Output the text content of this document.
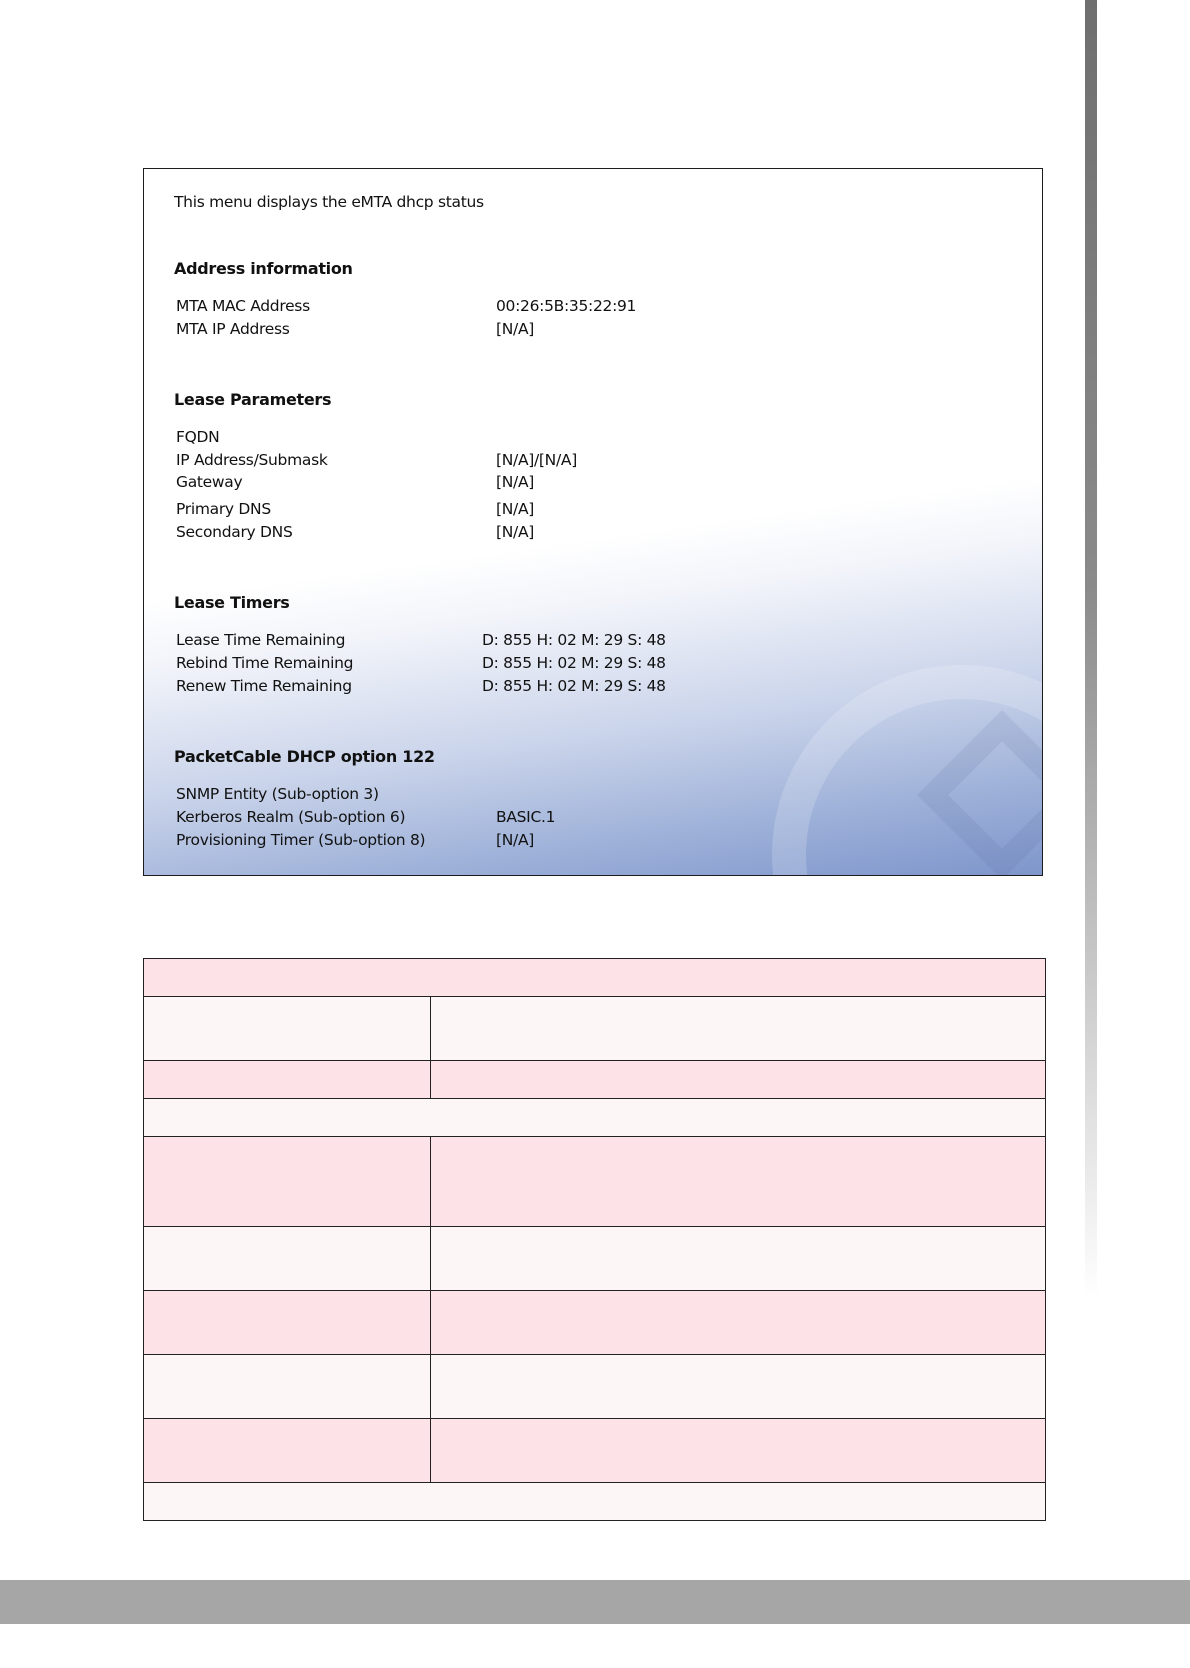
This menu displays the eMTA dhcp status
Address information
MTA MAC Address	00:26:5B:35:22:91
MTA IP Address	[N/A]
Lease Parameters
FQDN
IP Address/Submask	[N/A]/[N/A]
Gateway	[N/A]
Primary DNS	[N/A]
Secondary DNS	[N/A]
Lease Timers
Lease Time Remaining	D: 855 H: 02 M: 29 S: 48
Rebind Time Remaining	D: 855 H: 02 M: 29 S: 48
Renew Time Remaining	D: 855 H: 02 M: 29 S: 48
PacketCable DHCP option 122
SNMP Entity (Sub-option 3)
Kerberos Realm (Sub-option 6)	BASIC.1
Provisioning Timer (Sub-option 8)	[N/A]
